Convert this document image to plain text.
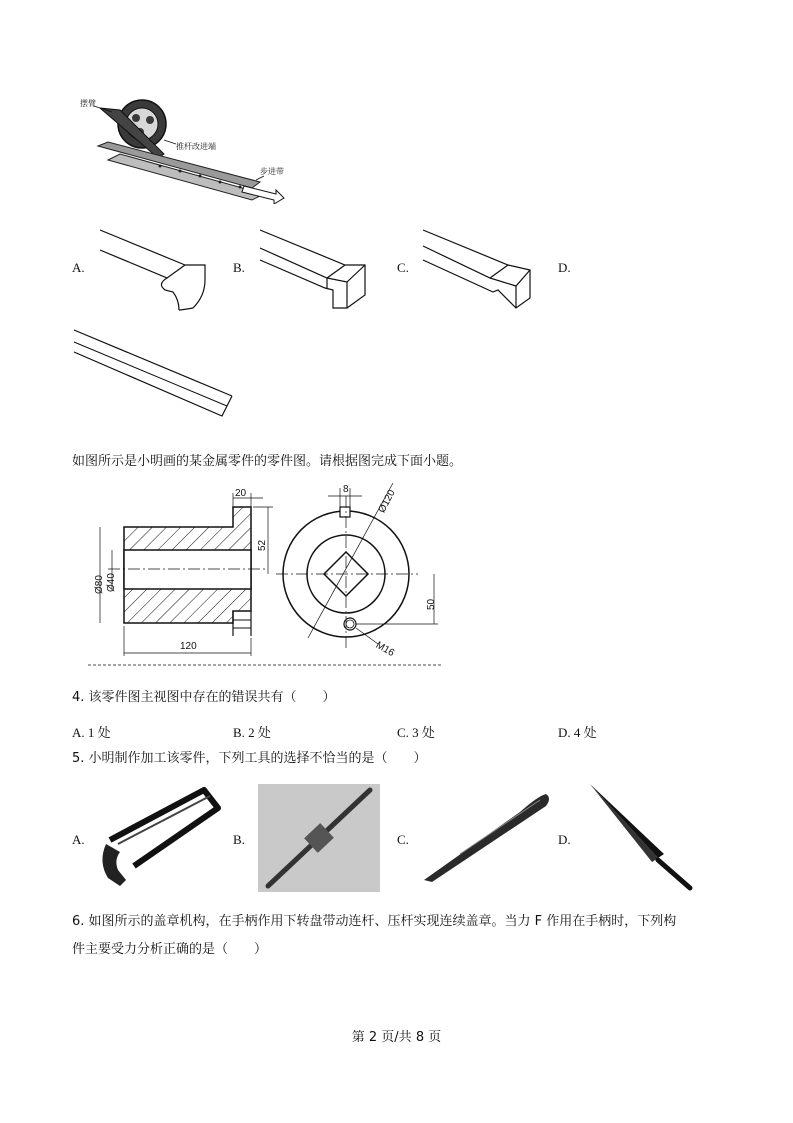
摆臂
推杆改进端
步进带
A.	B.	C.	D.
如图所示是小明画的某金属零件的零件图。请根据图完成下面小题。
20
52
Ø80 Ø40
120
8	Ø120
M16
50
4. 该零件图主视图中存在的错误共有（　　）
A. 1 处	B. 2 处	C. 3 处	D. 4 处
5. 小明制作加工该零件，下列工具的选择不恰当的是（　　）
A.	B.	C.	D.
6. 如图所示的盖章机构，在手柄作用下转盘带动连杆、压杆实现连续盖章。当力 F 作用在手柄时，下列构
件主要受力分析正确的是（　　）
第 2 页/共 8 页
